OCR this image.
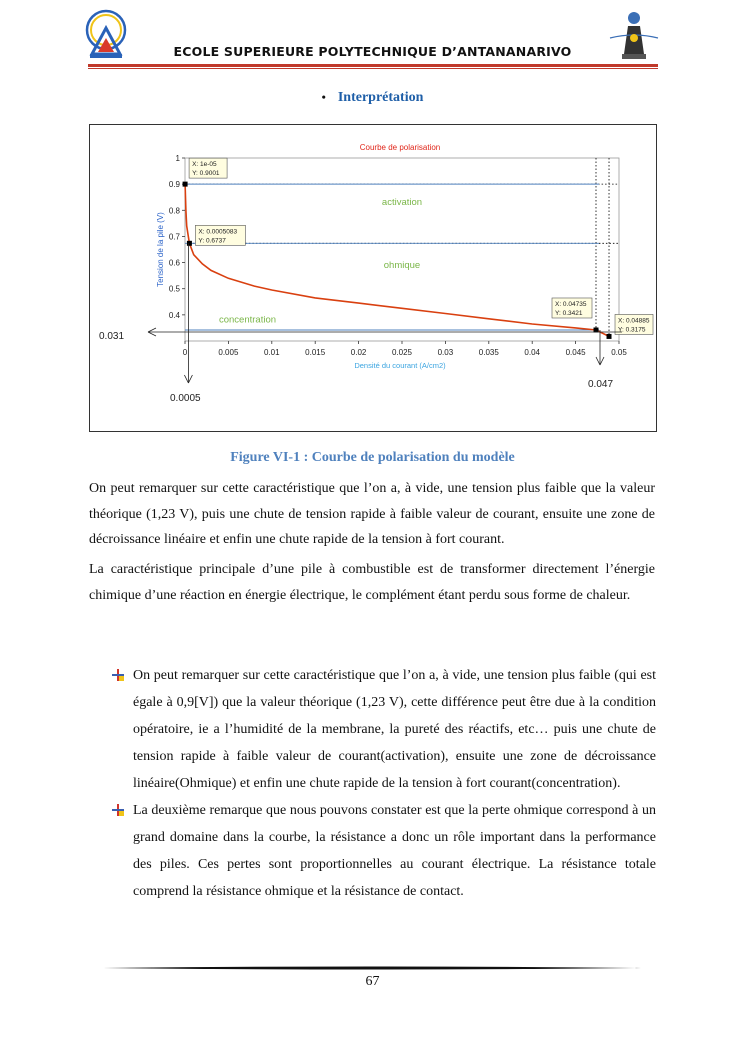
ECOLE SUPERIEURE POLYTECHNIQUE D’ANTANANARIVO
• Interprétation
0.4
0.5
0.6
0.7
0.8
0.9
1
0	0.005	0.01	0.015	0.02	0.025	0.03	0.035	0.04	0.045	0.05
X: 1e-05
Y: 0.9001
X: 0.0005083
Y: 0.6737
X: 0.04735
Y: 0.3421
X: 0.04885
Y: 0.3175
activation
ohmique
concentration
Courbe de polarisation
Densité du courant (A/cm2)
Tension de la pile (V)
0.031
0.0005
0.047
Figure VI-1 : Courbe de polarisation du modèle

On peut remarquer sur cette caractéristique que l’on a, à vide, une tension plus faible que la valeur théorique (1,23 V), puis une chute de tension rapide à faible valeur de courant, ensuite une zone de décroissance linéaire et enfin une chute rapide de la tension à fort courant.

La caractéristique principale d’une pile à combustible est de transformer directement l’énergie chimique d’une réaction en énergie électrique, le complément étant perdu sous forme de chaleur.

On peut remarquer sur cette caractéristique que l’on a, à vide, une tension plus faible (qui est égale à 0,9[V]) que la valeur théorique (1,23 V), cette différence peut être due à la condition opératoire, ie a l’humidité de la membrane, la pureté des réactifs, etc… puis une chute de tension rapide à faible valeur de courant(activation), ensuite une zone de décroissance linéaire(Ohmique) et enfin une chute rapide de la tension à fort courant(concentration).
La deuxième remarque que nous pouvons constater est que la perte ohmique correspond à un grand domaine dans la courbe, la résistance a donc un rôle important dans la performance des piles. Ces pertes sont proportionnelles au courant électrique. La résistance totale comprend la résistance ohmique et la résistance de contact.
67
